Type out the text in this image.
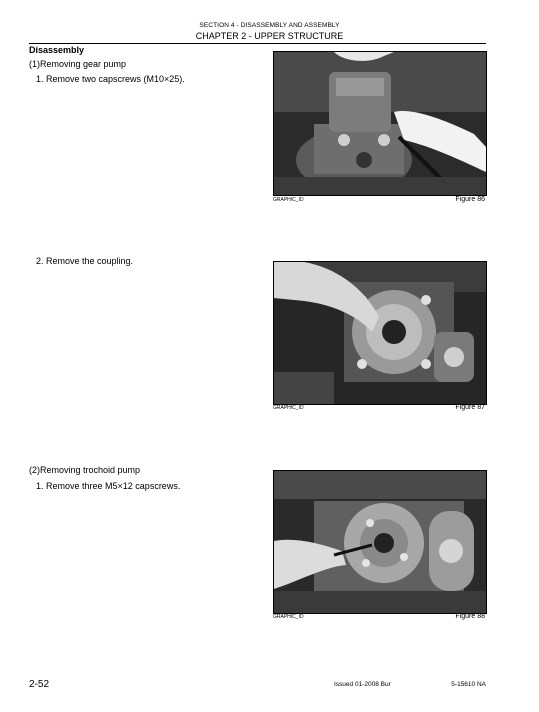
SECTION 4 - DISASSEMBLY AND ASSEMBLY
CHAPTER 2 - UPPER STRUCTURE
Disassembly
(1)Removing gear pump
1. Remove two capscrews (M10×25).
2. Remove the coupling.
(2)Removing trochoid pump
1. Remove three M5×12 capscrews.
GRAPHIC_ID	Figure 86
GRAPHIC_ID	Figure 87
GRAPHIC_ID	Figure 88
2-52	Issued 01-2008 Bur	5-15610 NA
